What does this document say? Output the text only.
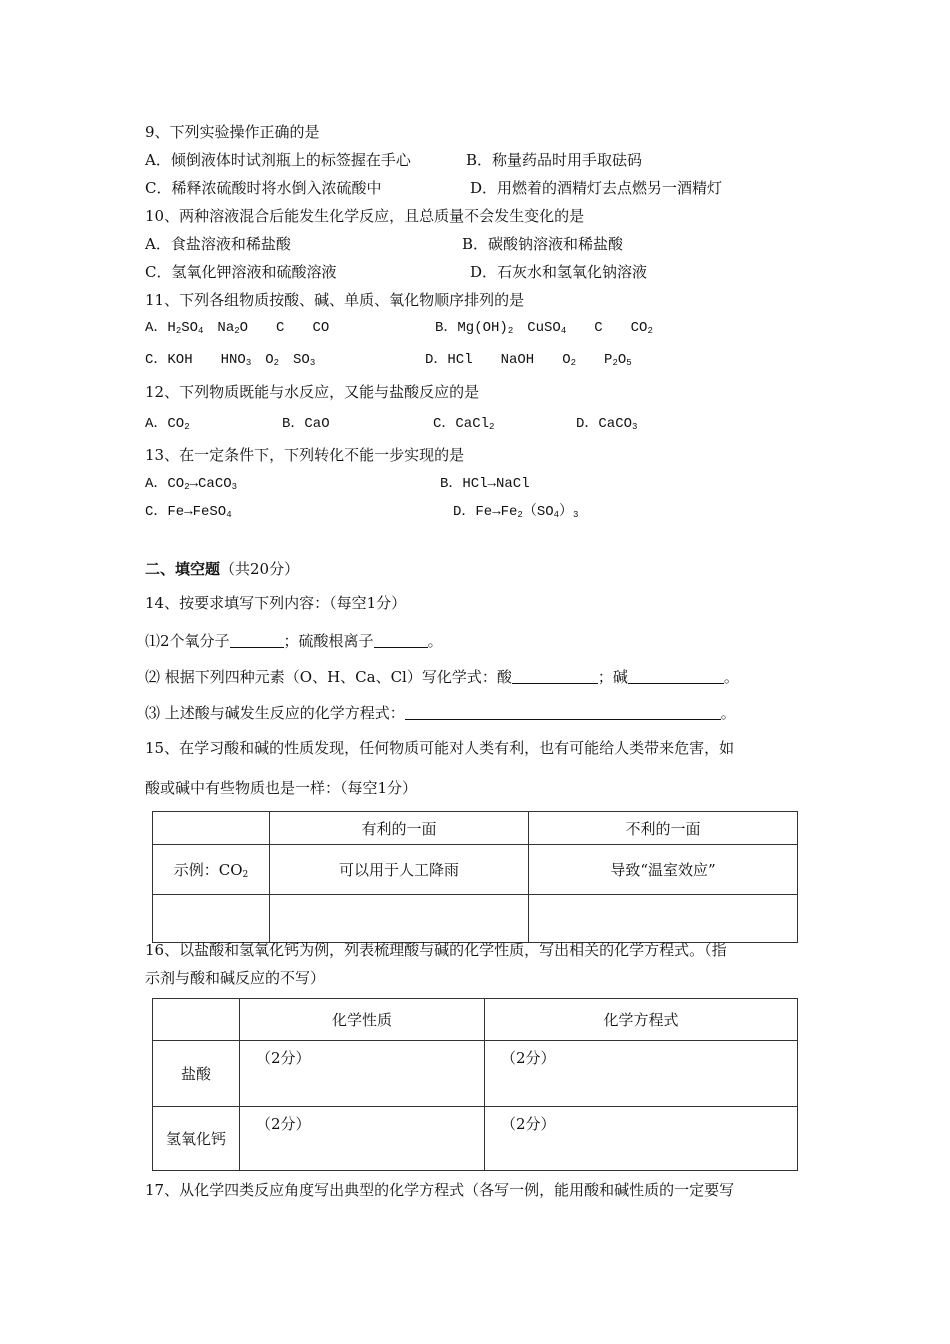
9、下列实验操作正确的是
A．倾倒液体时试剂瓶上的标签握在手心	B．称量药品时用手取砝码
C．稀释浓硫酸时将水倒入浓硫酸中	D．用燃着的酒精灯去点燃另一酒精灯
10、两种溶液混合后能发生化学反应，且总质量不会发生变化的是
A．食盐溶液和稀盐酸	B．碳酸钠溶液和稀盐酸
C．氢氧化钾溶液和硫酸溶液	D．石灰水和氢氧化钠溶液
11、下列各组物质按酸、碱、单质、氧化物顺序排列的是
A．$H_2SO_4$　$Na_2O$　　C　　CO	B．$Mg(OH)_2$　CuSO$_4$　　C　　$CO_2$
C．KOH　　$HNO_3$　$O_2$　$SO_3$	D．HCl　　NaOH　　$O_2$　　$P_2O_5$
12、下列物质既能与水反应，又能与盐酸反应的是
A．$CO_2$	B．CaO	C．CaCl$_2$	D．CaCO$_3$
13、在一定条件下，下列转化不能一步实现的是
A．$CO_2\to CaCO_3$	B．HCl→NaCl
C．Fe→FeSO$_4$	D．$Fe\to Fe_2(SO_4)_3$
二、填空题（共20分）
14、按要求填写下列内容：（每空1分）
⑴2个氧分子	；硫酸根离子	。
⑵ 根据下列四种元素（O、H、Ca、Cl）写化学式：酸	；碱	。
⑶ 上述酸与碱发生反应的化学方程式：	。
15、在学习酸和碱的性质发现，任何物质可能对人类有利，也有可能给人类带来危害，如
酸或碱中有些物质也是一样：（每空1分）
	有利的一面	不利的一面
示例：$CO_2$	可以用于人工降雨	导致“温室效应”

16、以盐酸和氢氧化钙为例，列表梳理酸与碱的化学性质，写出相关的化学方程式。（指
示剂与酸和碱反应的不写）
	化学性质	化学方程式
盐酸	（2分）	（2分）
氢氧化钙	（2分）	（2分）
17、从化学四类反应角度写出典型的化学方程式（各写一例，能用酸和碱性质的一定要写
